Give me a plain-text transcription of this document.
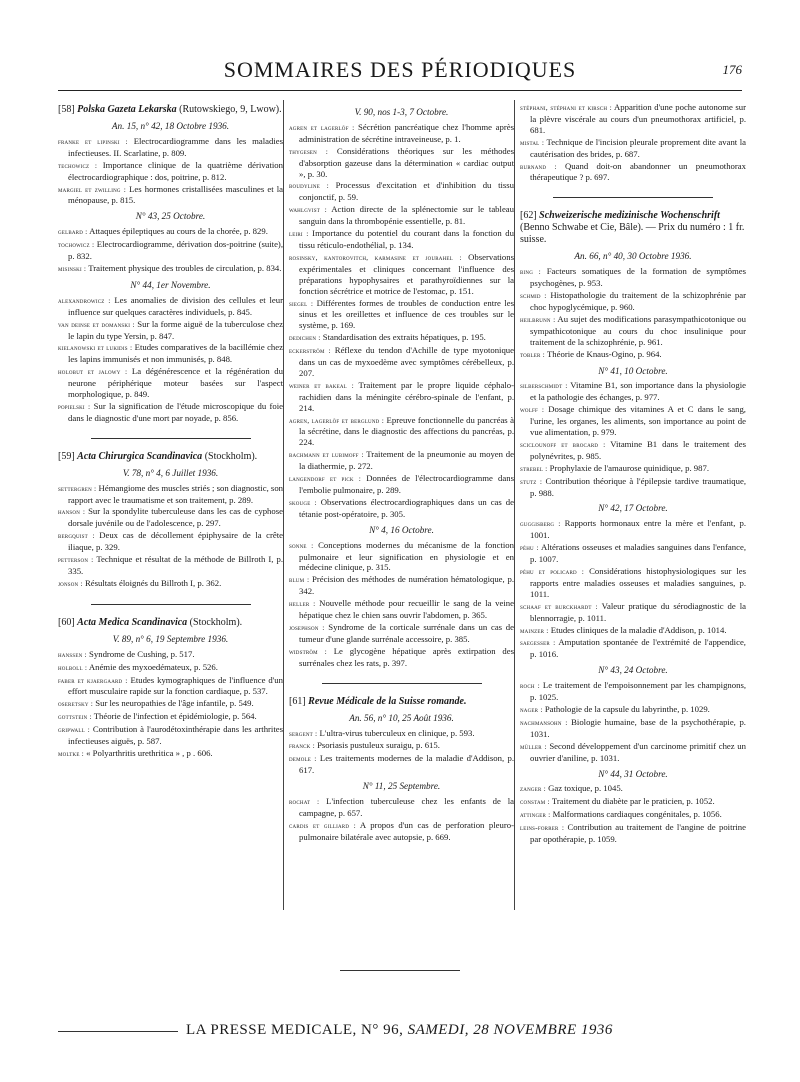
SOMMAIRES DES PÉRIODIQUES	176
[58] Polska Gazeta Lekarska (Rutowskiego, 9, Lwow).
An. 15, n° 42, 18 Octobre 1936.
franke et lipinski : Electrocardiogramme dans les maladies infectieuses. II. Scarlatine, p. 809.
techowicz : Importance clinique de la quatrième dérivation électrocardiographique : dos, poitrine, p. 812.
margiel et zwilling : Les hormones cristallisées masculines et la ménopause, p. 815.
N° 43, 25 Octobre.
gelbard : Attaques épileptiques au cours de la chorée, p. 829.
tochowicz : Electrocardiogramme, dérivation dos-poitrine (suite), p. 832.
misinski : Traitement physique des troubles de circulation, p. 834.
N° 44, 1er Novembre.
alexandrowicz : Les anomalies de division des cellules et leur influence sur quelques caractères individuels, p. 845.
van deinse et domanski : Sur la forme aiguë de la tuberculose chez le lapin du type Yersin, p. 847.
kielanowski et lukidis : Etudes comparatives de la bacillémie chez les lapins immunisés et non immunisés, p. 848.
holobut et jalowy : La dégénérescence et la régénération du neurone périphérique moteur basées sur l'aspect morphologique, p. 849.
popielski : Sur la signification de l'étude microscopique du foie dans le diagnostic d'une mort par noyade, p. 856.
[59] Acta Chirurgica Scandinavica (Stockholm).
V. 78, n° 4, 6 Juillet 1936.
settergren : Hémangiome des muscles striés ; son diagnostic, son rapport avec le traumatisme et son traitement, p. 289.
hanson : Sur la spondylite tuberculeuse dans les cas de cyphose dorsale juvénile ou de l'adolescence, p. 297.
bergquist : Deux cas de décollement épiphysaire de la crête iliaque, p. 329.
petterson : Technique et résultat de la méthode de Billroth I, p. 335.
jonson : Résultats éloignés du Billroth I, p. 362.
[60] Acta Medica Scandinavica (Stockholm).
V. 89, n° 6, 19 Septembre 1936.
hanssen : Syndrome de Cushing, p. 517.
holboll : Anémie des myxoedémateux, p. 526.
faber et kjaergaard : Etudes kymographiques de l'influence d'un effort musculaire rapide sur la fonction cardiaque, p. 537.
oseretsky : Sur les neuropathies de l'âge infantile, p. 549.
gottstein : Théorie de l'infection et épidémiologie, p. 564.
gripwall : Contribution à l'aurodétoxinthérapie dans les arthrites infectieuses aiguës, p. 587.
moltke : « Polyarthritis urethritica » , p . 606.
V. 90, nos 1-3, 7 Octobre.
agren et lagerlöf : Sécrétion pancréatique chez l'homme après administration de sécrétine intraveineuse, p. 1.
thygesen : Considérations théoriques sur les méthodes d'absorption gazeuse dans la détermination « cardiac output », p. 30.
boudyline : Processus d'excitation et d'inhibition du tissu conjonctif, p. 59.
wahlgvist : Action directe de la splénectomie sur le tableau sanguin dans la thrombopénie essentielle, p. 81.
leiri : Importance du potentiel du courant dans la fonction du tissu réticulo-endothélial, p. 134.
rosinsky, kantorovitch, karmasine et jourahel : Observations expérimentales et cliniques concernant l'influence des préparations hypophysaires et parathyroïdiennes sur la fonction sécrétrice et motrice de l'estomac, p. 151.
siegel : Différentes formes de troubles de conduction entre les sinus et les oreillettes et influence de ces troubles sur le système, p. 169.
dedichen : Standardisation des extraits hépatiques, p. 195.
eckerström : Réflexe du tendon d'Achille de type myotonique dans un cas de myxoedème avec symptômes cérébelleux, p. 207.
weiner et bakeal : Traitement par le propre liquide céphalo-rachidien dans la méningite cérébro-spinale de l'enfant, p. 214.
agren, lagerlöf et berglund : Epreuve fonctionnelle du pancréas à la sécrétine, dans le diagnostic des affections du pancréas, p. 224.
bachmann et lubimoff : Traitement de la pneumonie au moyen de la diathermie, p. 272.
langendorf et pick : Données de l'électrocardiogramme dans l'embolie pulmonaire, p. 289.
skouge : Observations électrocardiographiques dans un cas de tétanie post-opératoire, p. 305.
N° 4, 16 Octobre.
sonne : Conceptions modernes du mécanisme de la fonction pulmonaire et leur signification en physiologie et en médecine clinique, p. 315.
blum : Précision des méthodes de numération hématologique, p. 342.
heller : Nouvelle méthode pour recueillir le sang de la veine hépatique chez le chien sans ouvrir l'abdomen, p. 365.
josephson : Syndrome de la corticale surrénale dans un cas de tumeur d'une glande surrénale accessoire, p. 385.
widström : Le glycogène hépatique après extirpation des surrénales chez les rats, p. 397.
[61] Revue Médicale de la Suisse romande.
An. 56, n° 10, 25 Août 1936.
sergent : L'ultra-virus tuberculeux en clinique, p. 593.
franck : Psoriasis pustuleux suraigu, p. 615.
demole : Les traitements modernes de la maladie d'Addison, p. 617.
N° 11, 25 Septembre.
rochat : L'infection tuberculeuse chez les enfants de la campagne, p. 657.
cardis et gilliard : A propos d'un cas de perforation pleuro-pulmonaire bilatérale avec autopsie, p. 669.
stéphani, stéphani et kirsch : Apparition d'une poche autonome sur la plèvre viscérale au cours d'un pneumothorax artificiel, p. 681.
mistal : Technique de l'incision pleurale proprement dite avant la cautérisation des brides, p. 687.
burnand : Quand doit-on abandonner un pneumothorax thérapeutique ? p. 697.
[62] Schweizerische medizinische Wochenschrift (Benno Schwabe et Cie, Bâle). — Prix du numéro : 1 fr. suisse.
An. 66, n° 40, 30 Octobre 1936.
bing : Facteurs somatiques de la formation de symptômes psychogènes, p. 953.
schmid : Histopathologie du traitement de la schizophrénie par choc hypoglycémique, p. 960.
heilbrunn : Au sujet des modifications parasympathicotonique ou sympathicotonique au cours du choc insulinique pour traitement de la schizophrénie, p. 961.
tobler : Théorie de Knaus-Ogino, p. 964.
N° 41, 10 Octobre.
silberschmidt : Vitamine B1, son importance dans la physiologie et la pathologie des échanges, p. 977.
wolff : Dosage chimique des vitamines A et C dans le sang, l'urine, les organes, les aliments, son importance au point de vue alimentation, p. 979.
sciclounoff et brocard : Vitamine B1 dans le traitement des polynévrites, p. 985.
strebel : Prophylaxie de l'amaurose quinidique, p. 987.
stutz : Contribution théorique à l'épilepsie tardive traumatique, p. 988.
N° 42, 17 Octobre.
guggisberg : Rapports hormonaux entre la mère et l'enfant, p. 1001.
péhu : Altérations osseuses et maladies sanguines dans l'enfance, p. 1007.
péhu et policard : Considérations histophysiologiques sur les rapports entre maladies osseuses et maladies sanguines, p. 1011.
schaaf et burckhardt : Valeur pratique du sérodiagnostic de la blennorragie, p. 1011.
mainzer : Etudes cliniques de la maladie d'Addison, p. 1014.
saegesser : Amputation spontanée de l'extrémité de l'appendice, p. 1016.
N° 43, 24 Octobre.
roch : Le traitement de l'empoisonnement par les champignons, p. 1025.
nager : Pathologie de la capsule du labyrinthe, p. 1029.
nachmansohn : Biologie humaine, base de la psychothérapie, p. 1031.
müller : Second développement d'un carcinome primitif chez un ouvrier d'aniline, p. 1031.
N° 44, 31 Octobre.
zanger : Gaz toxique, p. 1045.
constam : Traitement du diabète par le praticien, p. 1052.
attinger : Malformations cardiaques congénitales, p. 1056.
leins-forrer : Contribution au traitement de l'angine de poitrine par opothérapie, p. 1059.
LA PRESSE MEDICALE, N° 96, SAMEDI, 28 NOVEMBRE 1936
